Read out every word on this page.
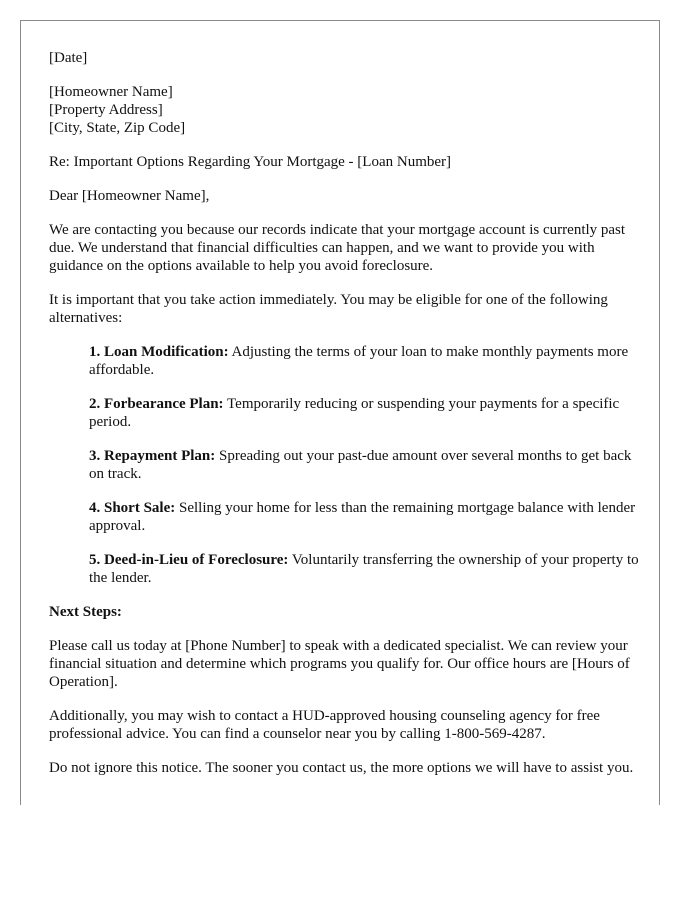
[Date]

[Homeowner Name]
[Property Address]
[City, State, Zip Code]

Re: Important Options Regarding Your Mortgage - [Loan Number]

Dear [Homeowner Name],

We are contacting you because our records indicate that your mortgage account is currently past due. We understand that financial difficulties can happen, and we want to provide you with guidance on the options available to help you avoid foreclosure.

It is important that you take action immediately. You may be eligible for one of the following alternatives:

1. Loan Modification: Adjusting the terms of your loan to make monthly payments more affordable.
2. Forbearance Plan: Temporarily reducing or suspending your payments for a specific period.
3. Repayment Plan: Spreading out your past-due amount over several months to get back on track.
4. Short Sale: Selling your home for less than the remaining mortgage balance with lender approval.
5. Deed-in-Lieu of Foreclosure: Voluntarily transferring the ownership of your property to the lender.

Next Steps:

Please call us today at [Phone Number] to speak with a dedicated specialist. We can review your financial situation and determine which programs you qualify for. Our office hours are [Hours of Operation].

Additionally, you may wish to contact a HUD-approved housing counseling agency for free professional advice. You can find a counselor near you by calling 1-800-569-4287.

Do not ignore this notice. The sooner you contact us, the more options we will have to assist you.
